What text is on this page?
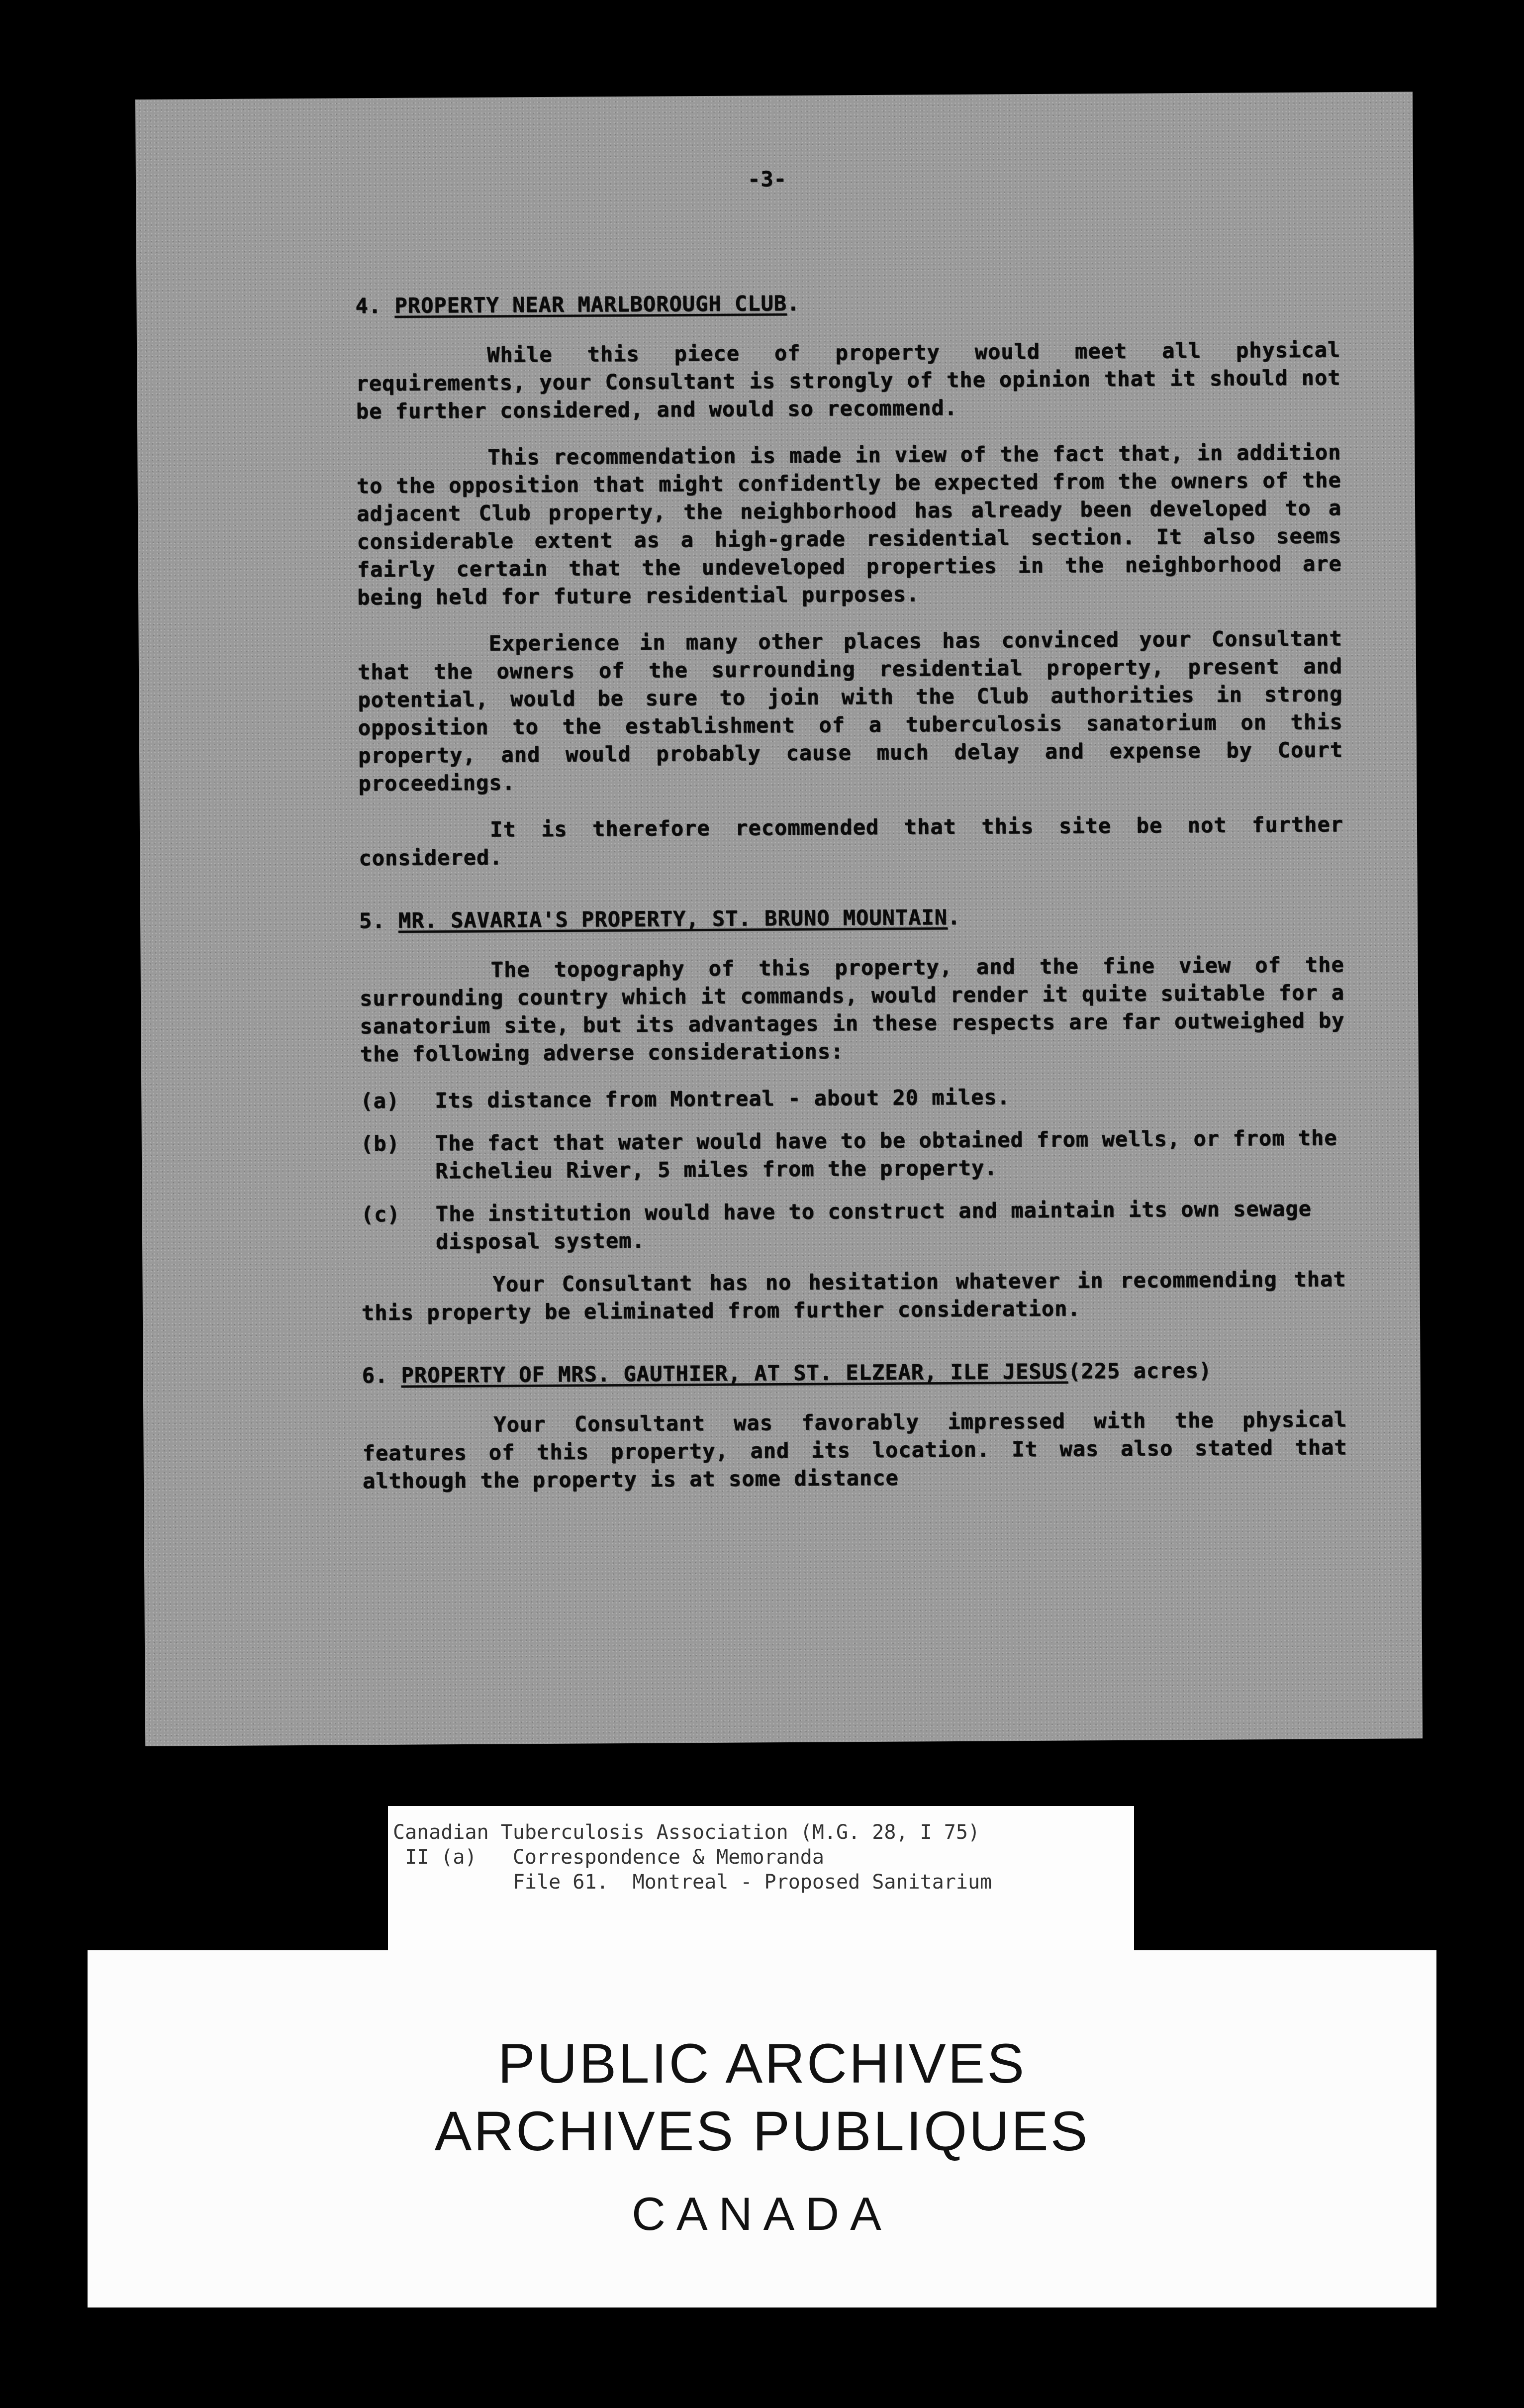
-3-
4. PROPERTY NEAR MARLBOROUGH CLUB.

While this piece of property would meet all physical requirements, your Consultant is strongly of the opinion that it should not be further considered, and would so recommend.

This recommendation is made in view of the fact that, in addition to the opposition that might confidently be expected from the owners of the adjacent Club property, the neighborhood has already been developed to a considerable extent as a high-grade residential section. It also seems fairly certain that the undeveloped properties in the neighborhood are being held for future residential purposes.

Experience in many other places has convinced your Consultant that the owners of the surrounding residential property, present and potential, would be sure to join with the Club authorities in strong opposition to the establishment of a tuberculosis sanatorium on this property, and would probably cause much delay and expense by Court proceedings.

It is therefore recommended that this site be not further considered.

5. MR. SAVARIA'S PROPERTY, ST. BRUNO MOUNTAIN.

The topography of this property, and the fine view of the surrounding country which it commands, would render it quite suitable for a sanatorium site, but its advantages in these respects are far outweighed by the following adverse considerations:

(a)	Its distance from Montreal - about 20 miles.
(b)	The fact that water would have to be obtained from wells, or from the Richelieu River, 5 miles from the property.
(c)	The institution would have to construct and maintain its own sewage disposal system.

Your Consultant has no hesitation whatever in recommending that this property be eliminated from further consideration.

6. PROPERTY OF MRS. GAUTHIER, AT ST. ELZEAR, ILE JESUS(225 acres)

Your Consultant was favorably impressed with the physical features of this property, and its location. It was also stated that although the property is at some distance

Canadian Tuberculosis Association (M.G. 28, I 75)
II (a)   Correspondence & Memoranda
File 61.  Montreal - Proposed Sanitarium
PUBLIC ARCHIVES
ARCHIVES PUBLIQUES
CANADA
